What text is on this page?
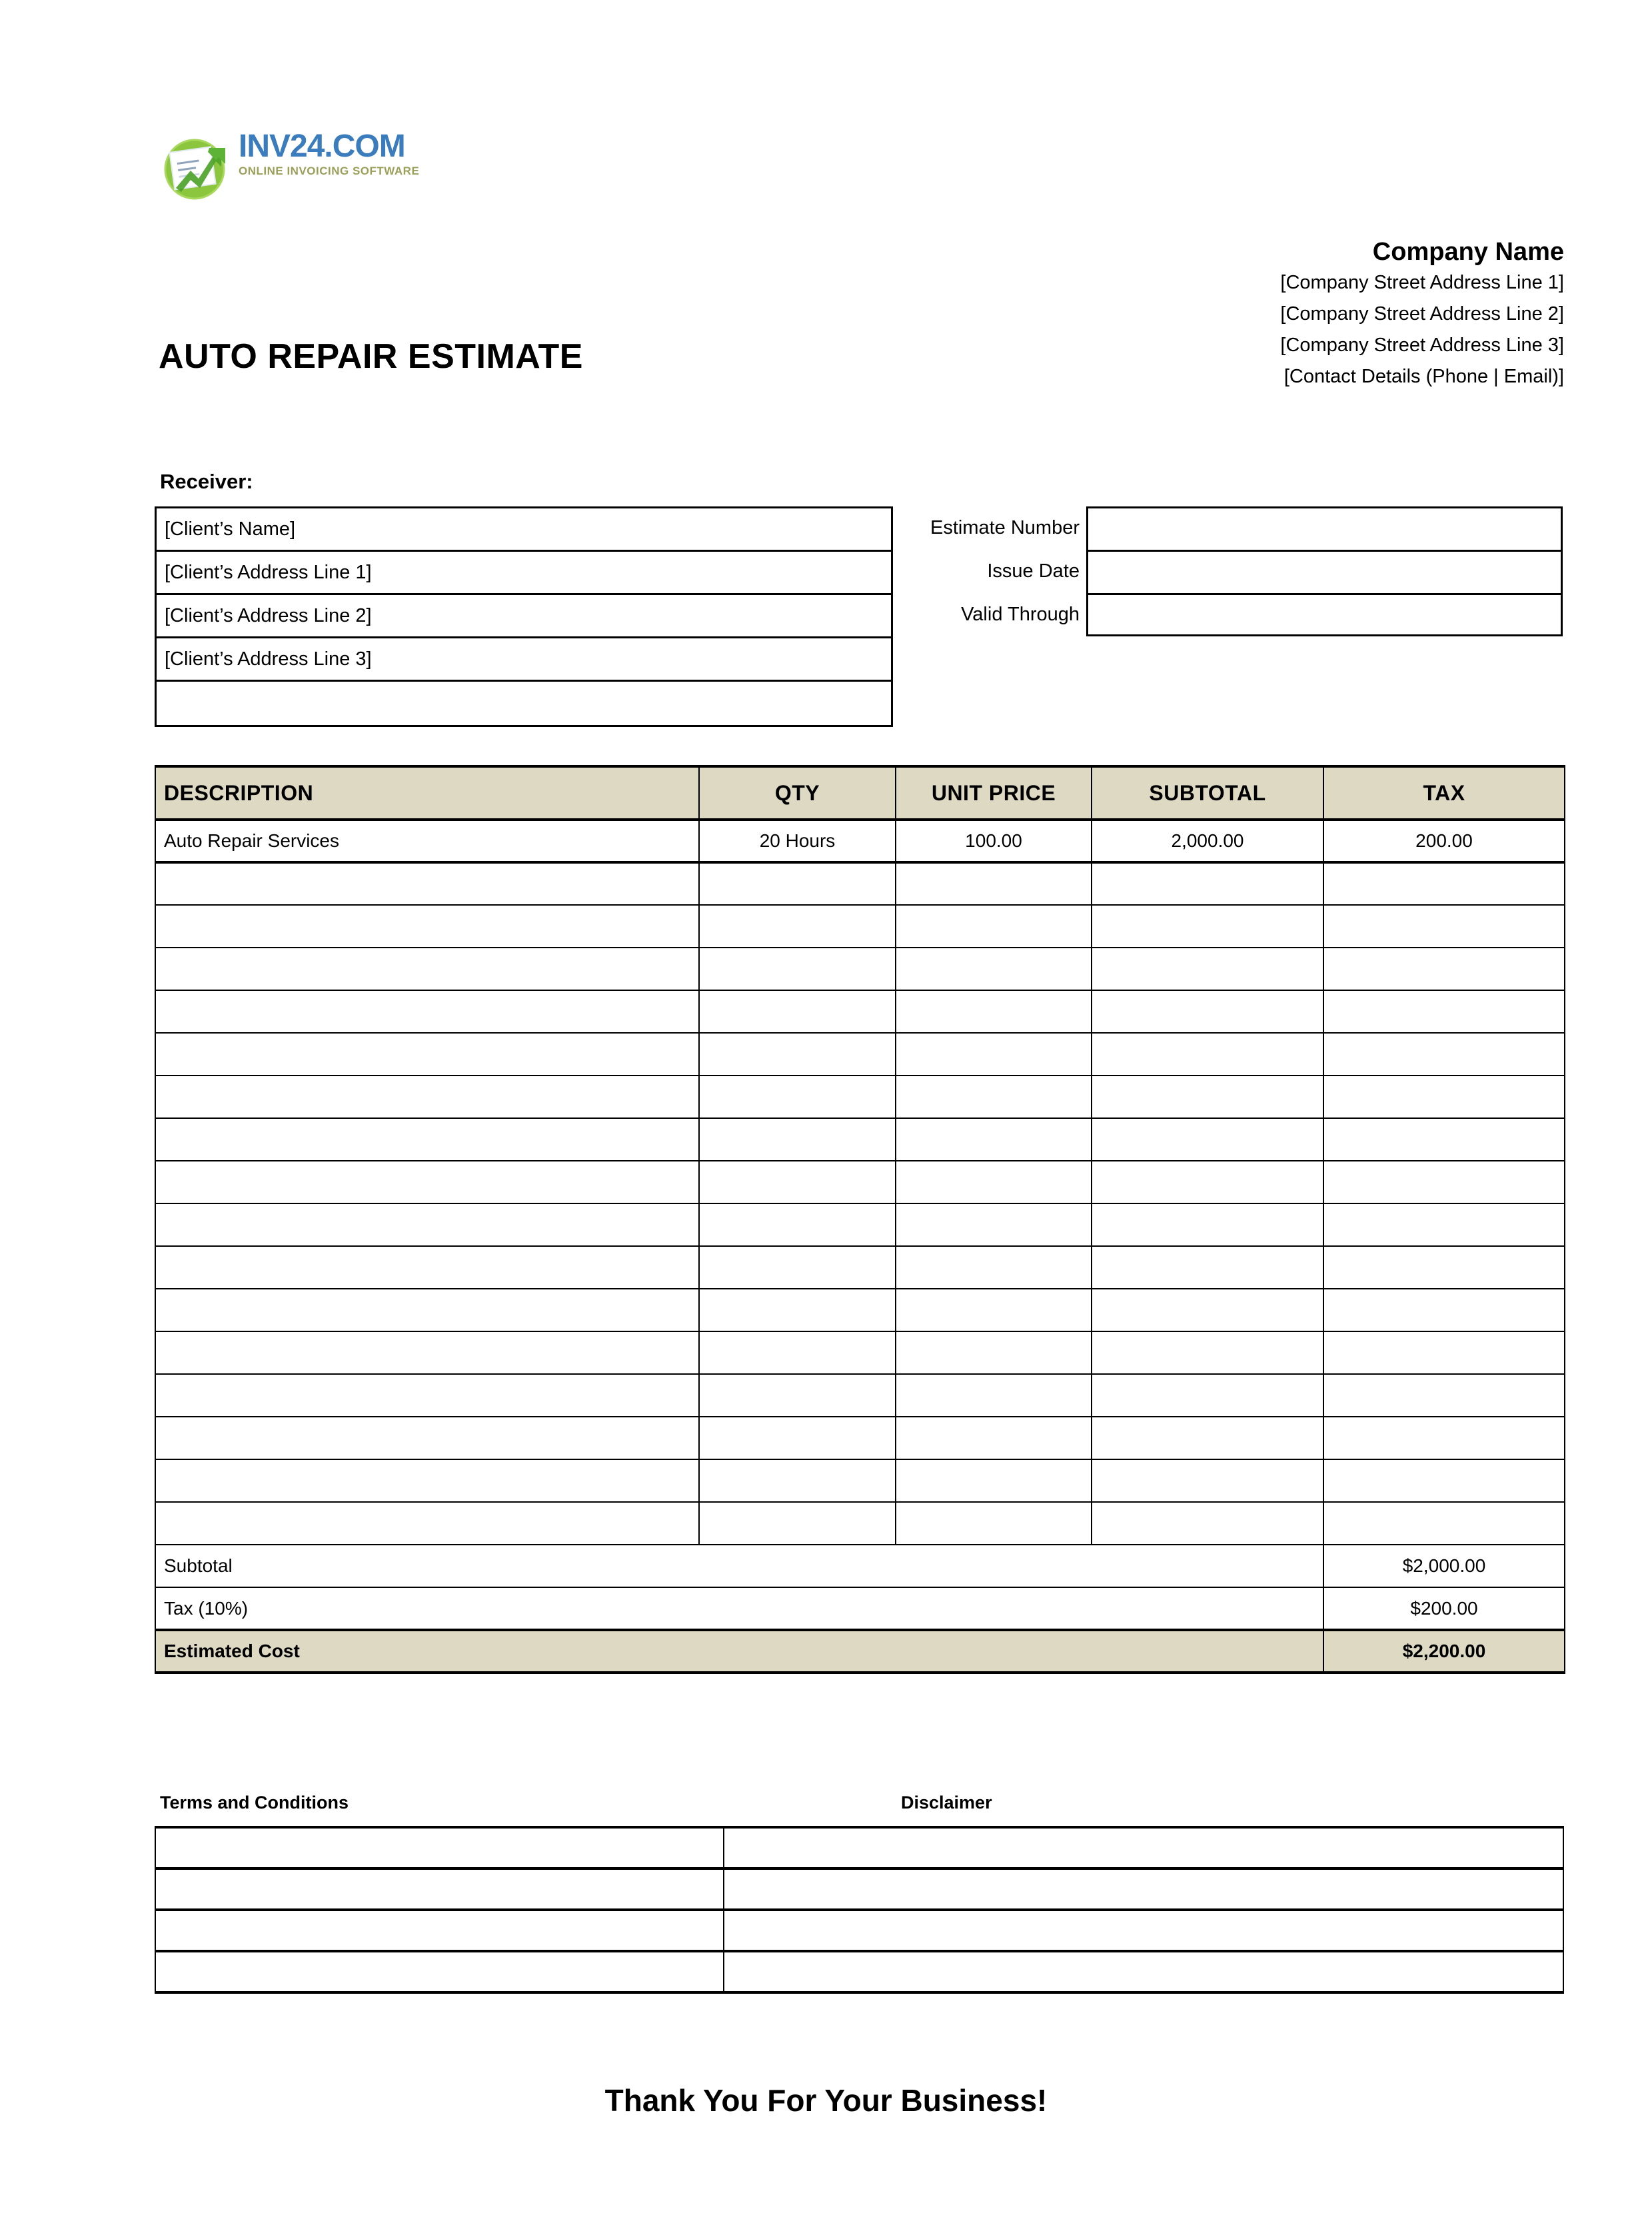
INV24.COM
ONLINE INVOICING SOFTWARE
Company Name
[Company Street Address Line 1]
[Company Street Address Line 2]
[Company Street Address Line 3]
[Contact Details (Phone | Email)]
AUTO REPAIR ESTIMATE
Receiver:
[Client’s Name]
[Client’s Address Line 1]
[Client’s Address Line 2]
[Client’s Address Line 3]
Estimate Number
Issue Date
Valid Through
DESCRIPTION	QTY	UNIT PRICE	SUBTOTAL	TAX
Auto Repair Services	20 Hours	100.00	2,000.00	200.00

Subtotal				$2,000.00
Tax (10%)				$200.00
Estimated Cost				$2,200.00
Terms and Conditions	Disclaimer

Thank You For Your Business!
